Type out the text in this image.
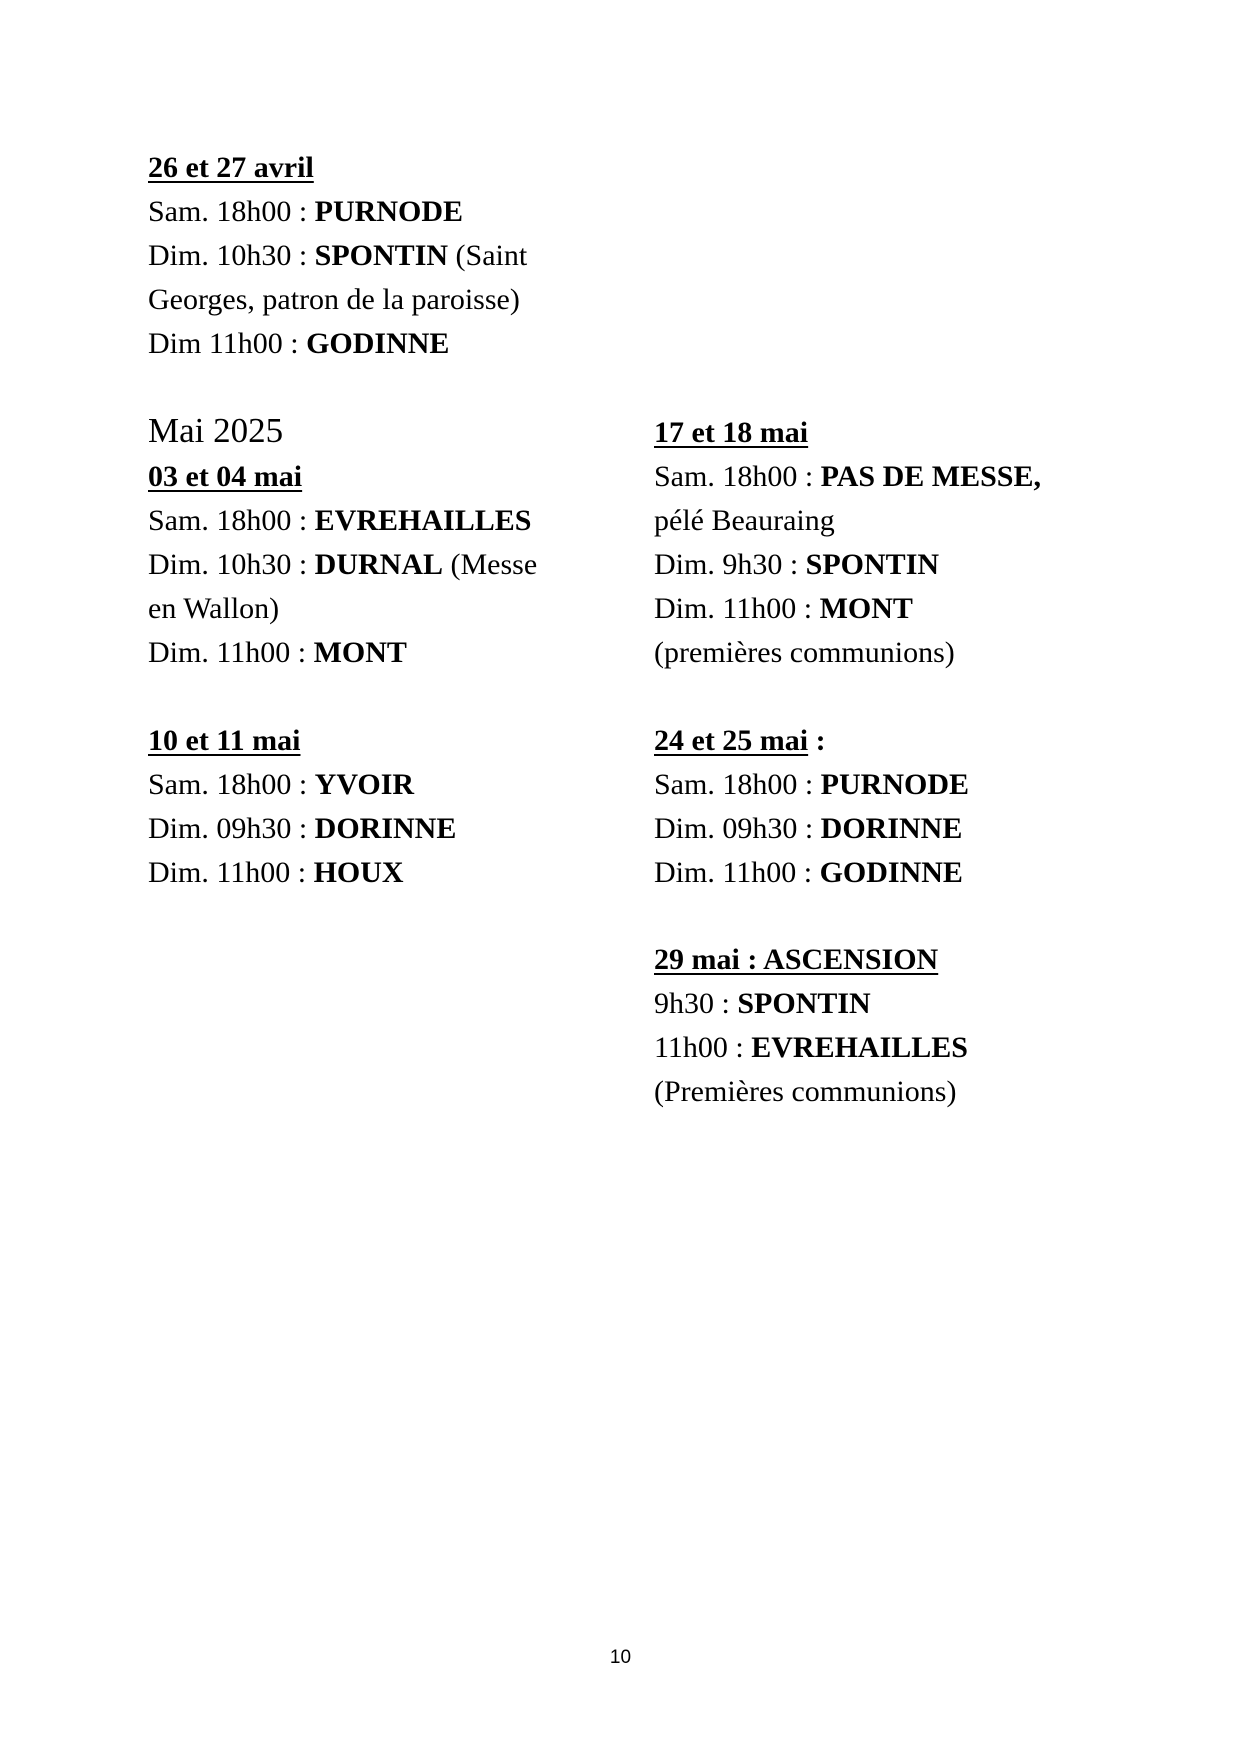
26 et 27 avril
Sam. 18h00 : PURNODE
Dim. 10h30 : SPONTIN (Saint
Georges, patron de la paroisse)
Dim 11h00 : GODINNE
Mai 2025
03 et 04 mai
Sam. 18h00 : EVREHAILLES
Dim. 10h30 : DURNAL (Messe
en Wallon)
Dim. 11h00 : MONT
10 et 11 mai
Sam. 18h00 : YVOIR
Dim. 09h30 : DORINNE
Dim. 11h00 : HOUX
17 et 18 mai
Sam. 18h00 : PAS DE MESSE,
pélé Beauraing
Dim. 9h30 : SPONTIN
Dim. 11h00 : MONT
(premières communions)
24 et 25 mai :
Sam. 18h00 : PURNODE
Dim. 09h30 : DORINNE
Dim. 11h00 : GODINNE
29 mai : ASCENSION
9h30 : SPONTIN
11h00 : EVREHAILLES
(Premières communions)
10
